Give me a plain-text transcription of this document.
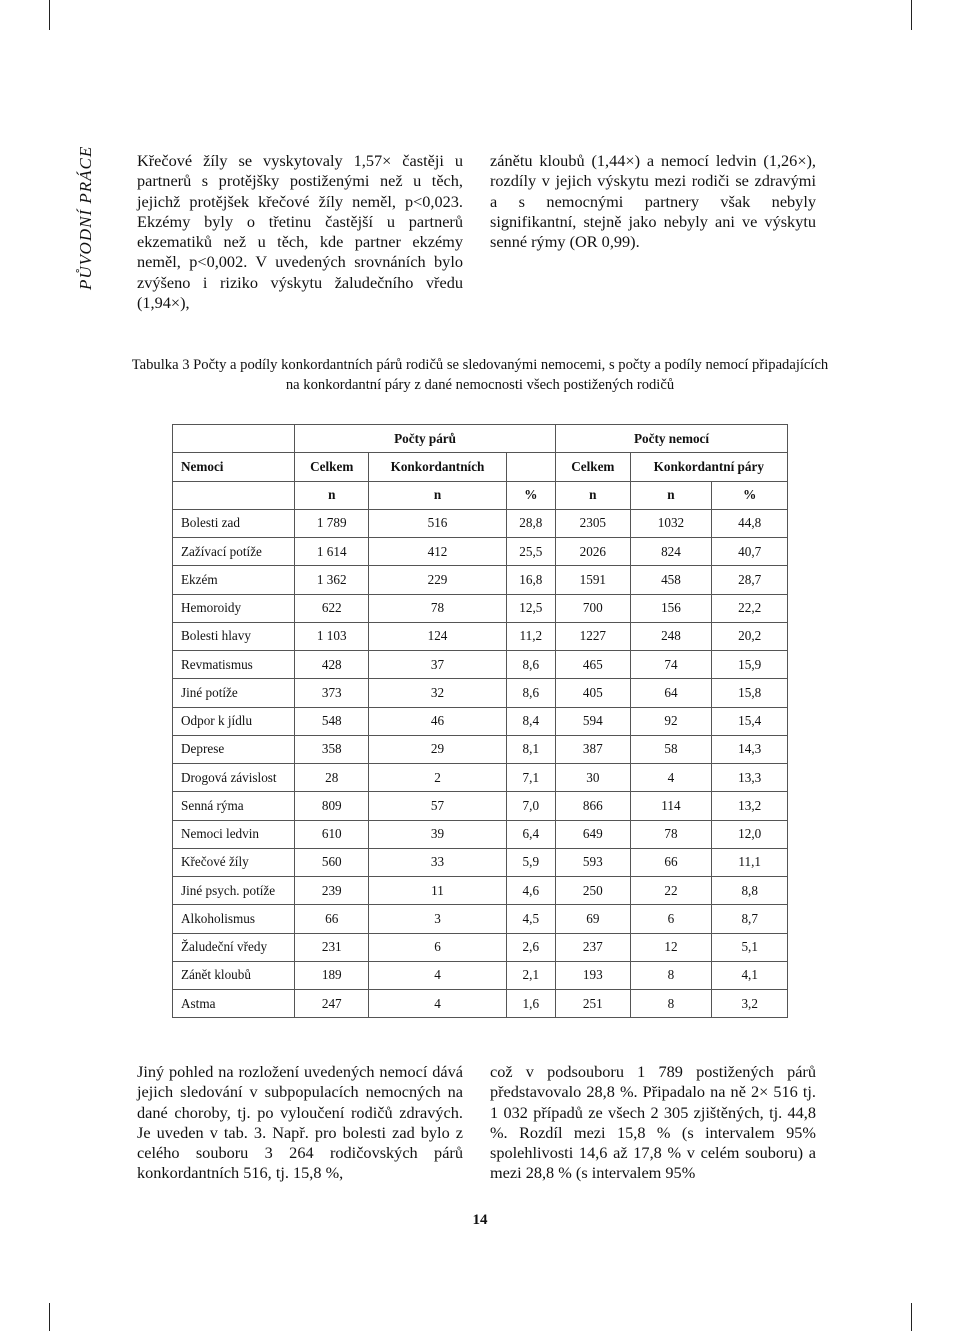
PŮVODNÍ PRÁCE	Křečové žíly se vyskytovaly 1,57× častěji u partnerů s protějšky postiženými než u těch, jejichž protějšek křečové žíly neměl, p<0,023. Ekzémy byly o třetinu častější u partnerů ekzematiků než u těch, kde partner ekzémy neměl, p<0,002. V uvedených srovnáních bylo zvýšeno i riziko výskytu žaludečního vředu (1,94×),

zánětu kloubů (1,44×) a nemocí ledvin (1,26×), rozdíly v jejich výskytu mezi rodiči se zdravými a s nemocnými partnery však nebyly signifikantní, stejně jako nebyly ani ve výskytu senné rýmy (OR 0,99).

Tabulka 3 Počty a podíly konkordantních párů rodičů se sledovanými nemocemi, s počty a podíly nemocí připadajících na konkordantní páry z dané nemocnosti všech postižených rodičů
	Počty párů			Počty nemocí		
Nemoci	Celkem	Konkordantních		Celkem	Konkordantní páry	
	n	n	%	n	n	%
Bolesti zad	1 789	516	28,8	2305	1032	44,8
Zažívací potíže	1 614	412	25,5	2026	824	40,7
Ekzém	1 362	229	16,8	1591	458	28,7
Hemoroidy	622	78	12,5	700	156	22,2
Bolesti hlavy	1 103	124	11,2	1227	248	20,2
Revmatismus	428	37	8,6	465	74	15,9
Jiné potíže	373	32	8,6	405	64	15,8
Odpor k jídlu	548	46	8,4	594	92	15,4
Deprese	358	29	8,1	387	58	14,3
Drogová závislost	28	2	7,1	30	4	13,3
Senná rýma	809	57	7,0	866	114	13,2
Nemoci ledvin	610	39	6,4	649	78	12,0
Křečové žíly	560	33	5,9	593	66	11,1
Jiné psych. potíže	239	11	4,6	250	22	8,8
Alkoholismus	66	3	4,5	69	6	8,7
Žaludeční vředy	231	6	2,6	237	12	5,1
Zánět kloubů	189	4	2,1	193	8	4,1
Astma	247	4	1,6	251	8	3,2

Jiný pohled na rozložení uvedených nemocí dává jejich sledování v subpopulacích nemocných na dané choroby, tj. po vyloučení rodičů zdravých. Je uveden v tab. 3. Např. pro bolesti zad bylo z celého souboru 3 264 rodičovských párů konkordantních 516, tj. 15,8 %,

což v podsouboru 1 789 postižených párů představovalo 28,8 %. Připadalo na ně 2× 516 tj. 1 032 případů ze všech 2 305 zjištěných, tj. 44,8 %. Rozdíl mezi 15,8 % (s intervalem 95% spolehlivosti 14,6 až 17,8 % v celém souboru) a mezi 28,8 % (s intervalem 95%

14
